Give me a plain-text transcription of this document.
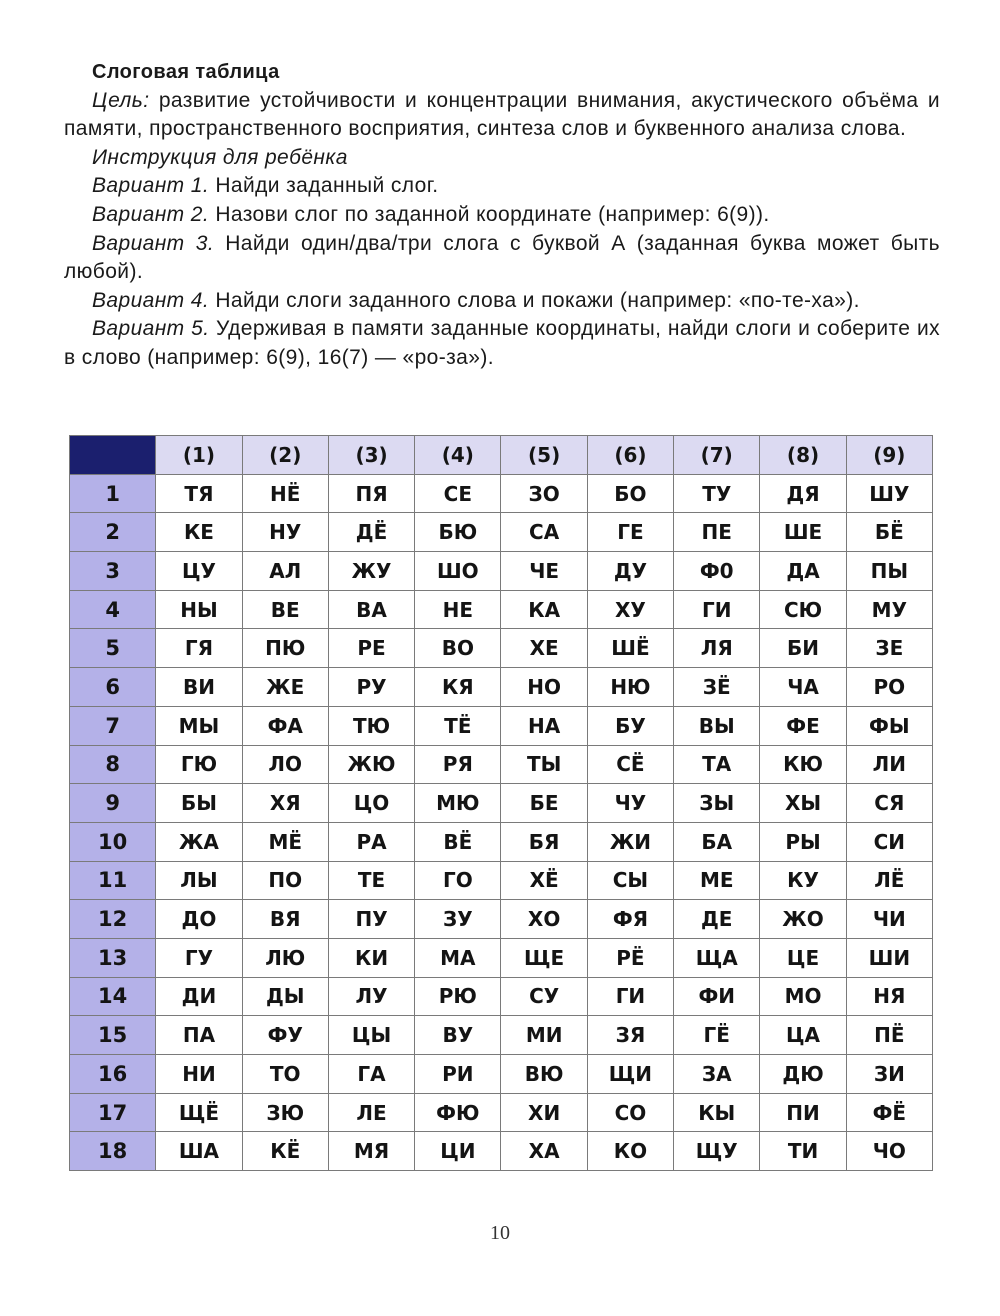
Слоговая таблица

Цель: развитие устойчивости и концентрации внимания, акустического объёма и памяти, пространственного восприятия, синтеза слов и буквенного анализа слова.

Инструкция для ребёнка

Вариант 1. Найди заданный слог.

Вариант 2. Назови слог по заданной координате (например: 6(9)).

Вариант 3. Найди один/два/три слога с буквой А (заданная буква может быть любой).

Вариант 4. Найди слоги заданного слова и покажи (например: «по-те-ха»).

Вариант 5. Удерживая в памяти заданные координаты, найди слоги и соберите их в слово (например: 6(9), 16(7) — «ро-за»).

	(1)	(2)	(3)	(4)	(5)	(6)	(7)	(8)	(9)
1	ТЯ	НЁ	ПЯ	СЕ	ЗО	БО	ТУ	ДЯ	ШУ
2	КЕ	НУ	ДЁ	БЮ	СА	ГЕ	ПЕ	ШЕ	БЁ
3	ЦУ	АЛ	ЖУ	ШО	ЧЕ	ДУ	Ф0	ДА	ПЫ
4	НЫ	ВЕ	ВА	НЕ	КА	ХУ	ГИ	СЮ	МУ
5	ГЯ	ПЮ	РЕ	ВО	ХЕ	ШЁ	ЛЯ	БИ	ЗЕ
6	ВИ	ЖЕ	РУ	КЯ	НО	НЮ	ЗЁ	ЧА	РО
7	МЫ	ФА	ТЮ	ТЁ	НА	БУ	ВЫ	ФЕ	ФЫ
8	ГЮ	ЛО	ЖЮ	РЯ	ТЫ	СЁ	ТА	КЮ	ЛИ
9	БЫ	ХЯ	ЦО	МЮ	БЕ	ЧУ	ЗЫ	ХЫ	СЯ
10	ЖА	МЁ	РА	ВЁ	БЯ	ЖИ	БА	РЫ	СИ
11	ЛЫ	ПО	ТЕ	ГО	ХЁ	СЫ	МЕ	КУ	ЛЁ
12	ДО	ВЯ	ПУ	ЗУ	ХО	ФЯ	ДЕ	ЖО	ЧИ
13	ГУ	ЛЮ	КИ	МА	ЩЕ	РЁ	ЩА	ЦЕ	ШИ
14	ДИ	ДЫ	ЛУ	РЮ	СУ	ГИ	ФИ	МО	НЯ
15	ПА	ФУ	ЦЫ	ВУ	МИ	ЗЯ	ГЁ	ЦА	ПЁ
16	НИ	ТО	ГА	РИ	ВЮ	ЩИ	ЗА	ДЮ	ЗИ
17	ЩЁ	ЗЮ	ЛЕ	ФЮ	ХИ	СО	КЫ	ПИ	ФЁ
18	ША	КЁ	МЯ	ЦИ	ХА	КО	ЩУ	ТИ	ЧО
10
